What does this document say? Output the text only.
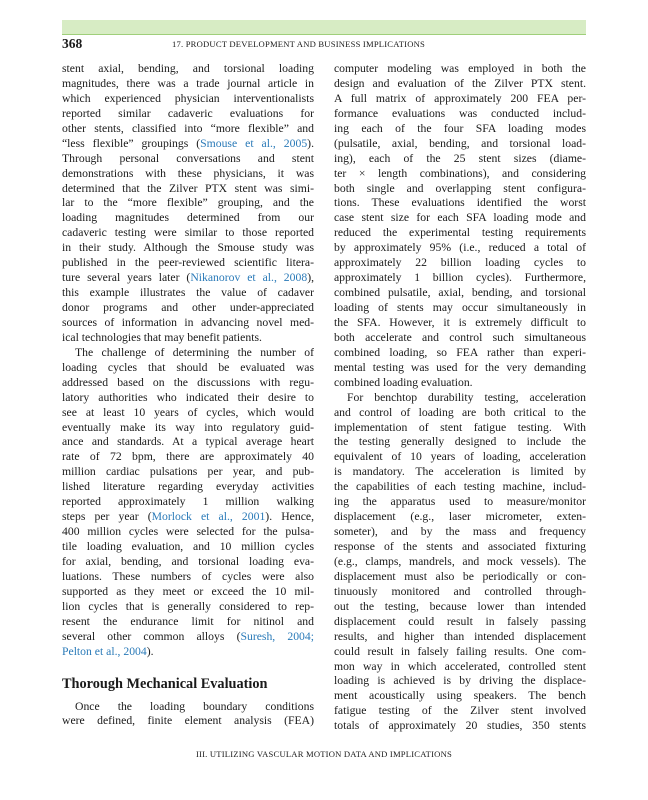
368	17. PRODUCT DEVELOPMENT AND BUSINESS IMPLICATIONS
stent axial, bending, and torsional loading
magnitudes, there was a trade journal article in
which experienced physician interventionalists
reported similar cadaveric evaluations for
other stents, classified into “more flexible” and
“less flexible” groupings (Smouse et al., 2005).
Through personal conversations and stent
demonstrations with these physicians, it was
determined that the Zilver PTX stent was simi-
lar to the “more flexible” grouping, and the
loading magnitudes determined from our
cadaveric testing were similar to those reported
in their study. Although the Smouse study was
published in the peer-reviewed scientific litera-
ture several years later (Nikanorov et al., 2008),
this example illustrates the value of cadaver
donor programs and other under-appreciated
sources of information in advancing novel med-
ical technologies that may benefit patients.
The challenge of determining the number of
loading cycles that should be evaluated was
addressed based on the discussions with regu-
latory authorities who indicated their desire to
see at least 10 years of cycles, which would
eventually make its way into regulatory guid-
ance and standards. At a typical average heart
rate of 72 bpm, there are approximately 40
million cardiac pulsations per year, and pub-
lished literature regarding everyday activities
reported approximately 1 million walking
steps per year (Morlock et al., 2001). Hence,
400 million cycles were selected for the pulsa-
tile loading evaluation, and 10 million cycles
for axial, bending, and torsional loading eva-
luations. These numbers of cycles were also
supported as they meet or exceed the 10 mil-
lion cycles that is generally considered to rep-
resent the endurance limit for nitinol and
several other common alloys (Suresh, 2004;
Pelton et al., 2004).
Thorough Mechanical Evaluation
Once the loading boundary conditions
were defined, finite element analysis (FEA)
computer modeling was employed in both the
design and evaluation of the Zilver PTX stent.
A full matrix of approximately 200 FEA per-
formance evaluations was conducted includ-
ing each of the four SFA loading modes
(pulsatile, axial, bending, and torsional load-
ing), each of the 25 stent sizes (diame-
ter × length combinations), and considering
both single and overlapping stent configura-
tions. These evaluations identified the worst
case stent size for each SFA loading mode and
reduced the experimental testing requirements
by approximately 95% (i.e., reduced a total of
approximately 22 billion loading cycles to
approximately 1 billion cycles). Furthermore,
combined pulsatile, axial, bending, and torsional
loading of stents may occur simultaneously in
the SFA. However, it is extremely difficult to
both accelerate and control such simultaneous
combined loading, so FEA rather than experi-
mental testing was used for the very demanding
combined loading evaluation.
For benchtop durability testing, acceleration
and control of loading are both critical to the
implementation of stent fatigue testing. With
the testing generally designed to include the
equivalent of 10 years of loading, acceleration
is mandatory. The acceleration is limited by
the capabilities of each testing machine, includ-
ing the apparatus used to measure/monitor
displacement (e.g., laser micrometer, exten-
someter), and by the mass and frequency
response of the stents and associated fixturing
(e.g., clamps, mandrels, and mock vessels). The
displacement must also be periodically or con-
tinuously monitored and controlled through-
out the testing, because lower than intended
displacement could result in falsely passing
results, and higher than intended displacement
could result in falsely failing results. One com-
mon way in which accelerated, controlled stent
loading is achieved is by driving the displace-
ment acoustically using speakers. The bench
fatigue testing of the Zilver stent involved
totals of approximately 20 studies, 350 stents
III. UTILIZING VASCULAR MOTION DATA AND IMPLICATIONS
